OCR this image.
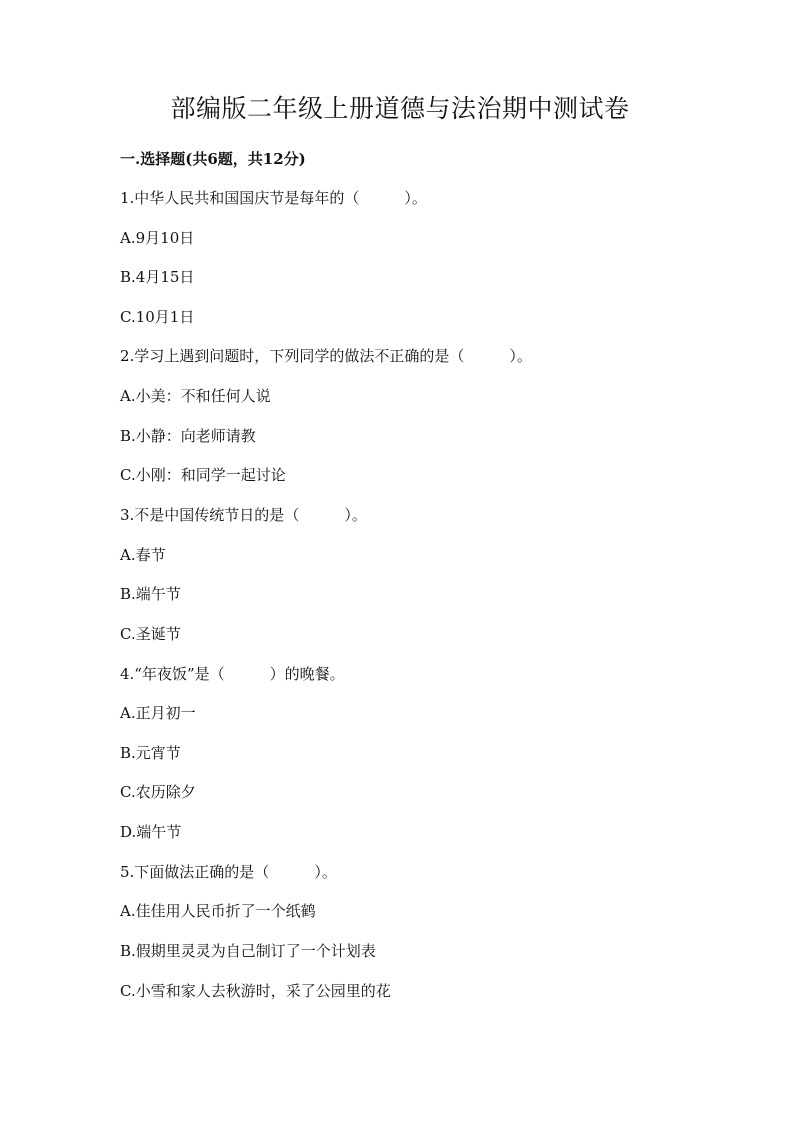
部编版二年级上册道德与法治期中测试卷
一.选择题(共6题，共12分)
1.中华人民共和国国庆节是每年的（　　　）。
A.9月10日
B.4月15日
C.10月1日
2.学习上遇到问题时，下列同学的做法不正确的是（　　　）。
A.小美：不和任何人说
B.小静：向老师请教
C.小刚：和同学一起讨论
3.不是中国传统节日的是（　　　）。
A.春节
B.端午节
C.圣诞节
4.“年夜饭”是（　　　）的晚餐。
A.正月初一
B.元宵节
C.农历除夕
D.端午节
5.下面做法正确的是（　　　）。
A.佳佳用人民币折了一个纸鹤
B.假期里灵灵为自己制订了一个计划表
C.小雪和家人去秋游时，采了公园里的花
